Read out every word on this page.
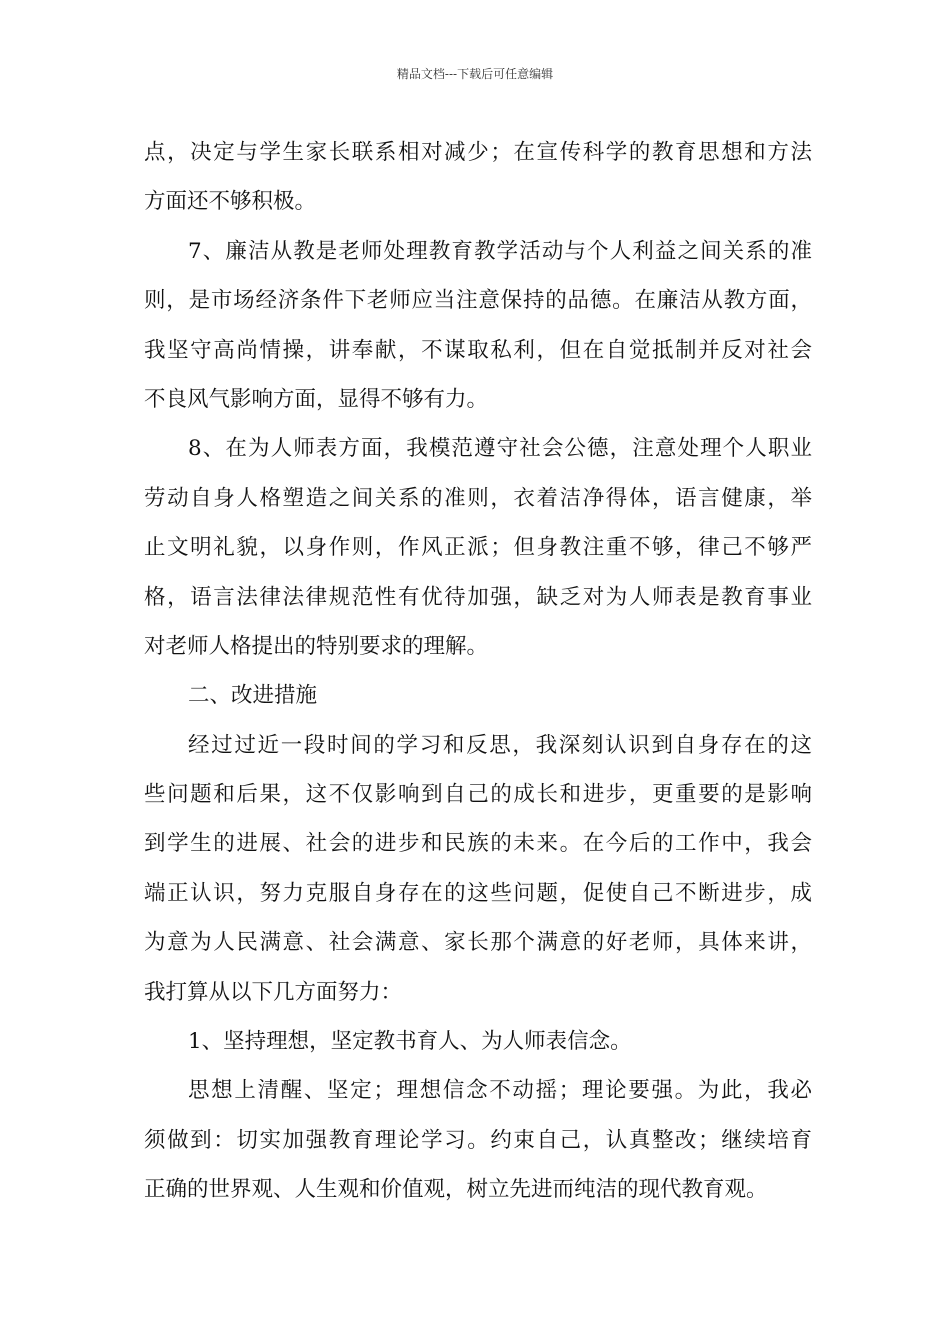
精品文档---下载后可任意编辑
点，决定与学生家长联系相对减少；在宣传科学的教育思想和方法
方面还不够积极。
7、廉洁从教是老师处理教育教学活动与个人利益之间关系的准
则，是市场经济条件下老师应当注意保持的品德。在廉洁从教方面，
我坚守高尚情操，讲奉献，不谋取私利，但在自觉抵制并反对社会
不良风气影响方面，显得不够有力。
8、在为人师表方面，我模范遵守社会公德，注意处理个人职业
劳动自身人格塑造之间关系的准则，衣着洁净得体，语言健康，举
止文明礼貌，以身作则，作风正派；但身教注重不够，律己不够严
格，语言法律法律规范性有优待加强，缺乏对为人师表是教育事业
对老师人格提出的特别要求的理解。
二、改进措施
经过过近一段时间的学习和反思，我深刻认识到自身存在的这
些问题和后果，这不仅影响到自己的成长和进步，更重要的是影响
到学生的进展、社会的进步和民族的未来。在今后的工作中，我会
端正认识，努力克服自身存在的这些问题，促使自己不断进步，成
为意为人民满意、社会满意、家长那个满意的好老师，具体来讲，
我打算从以下几方面努力：
1、坚持理想，坚定教书育人、为人师表信念。
思想上清醒、坚定；理想信念不动摇；理论要强。为此，我必
须做到：切实加强教育理论学习。约束自己，认真整改；继续培育
正确的世界观、人生观和价值观，树立先进而纯洁的现代教育观。
